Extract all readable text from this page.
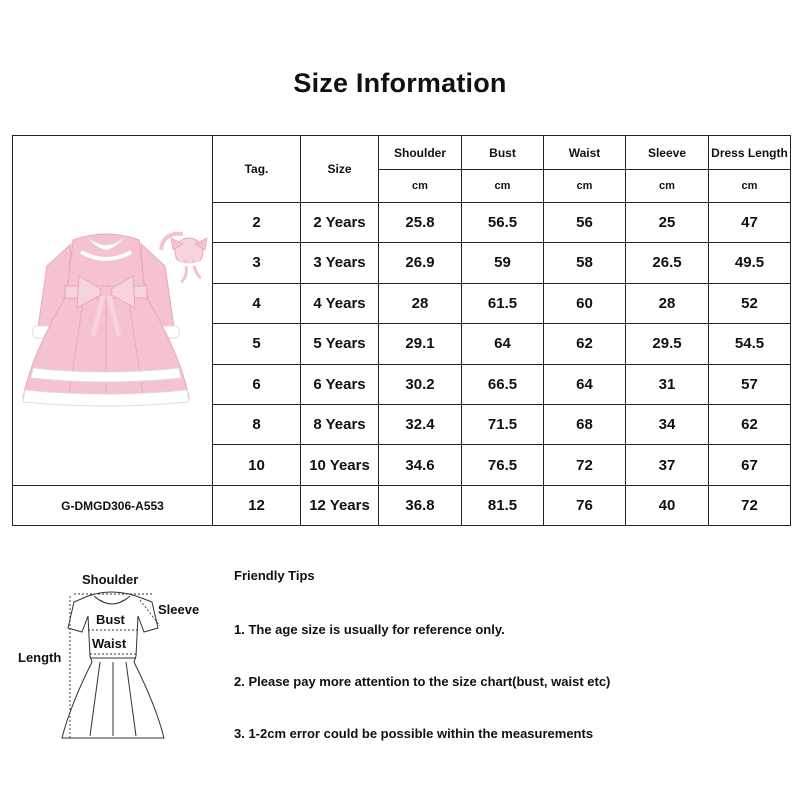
Size Information
	Tag.	Size	Shoulder	Bust	Waist	Sleeve	Dress Length
			cm	cm	cm	cm	cm
	2	2 Years	25.8	56.5	56	25	47
	3	3 Years	26.9	59	58	26.5	49.5
	4	4 Years	28	61.5	60	28	52
	5	5 Years	29.1	64	62	29.5	54.5
	6	6 Years	30.2	66.5	64	31	57
	8	8 Years	32.4	71.5	68	34	62
	10	10 Years	34.6	76.5	72	37	67
G-DMGD306-A553	12	12 Years	36.8	81.5	76	40	72
Shoulder
Sleeve
Bust
Waist
Length
Friendly Tips
1. The age size is usually for reference only.
2. Please pay more attention to the size chart(bust, waist etc)
3. 1-2cm error could be possible within the measurements
